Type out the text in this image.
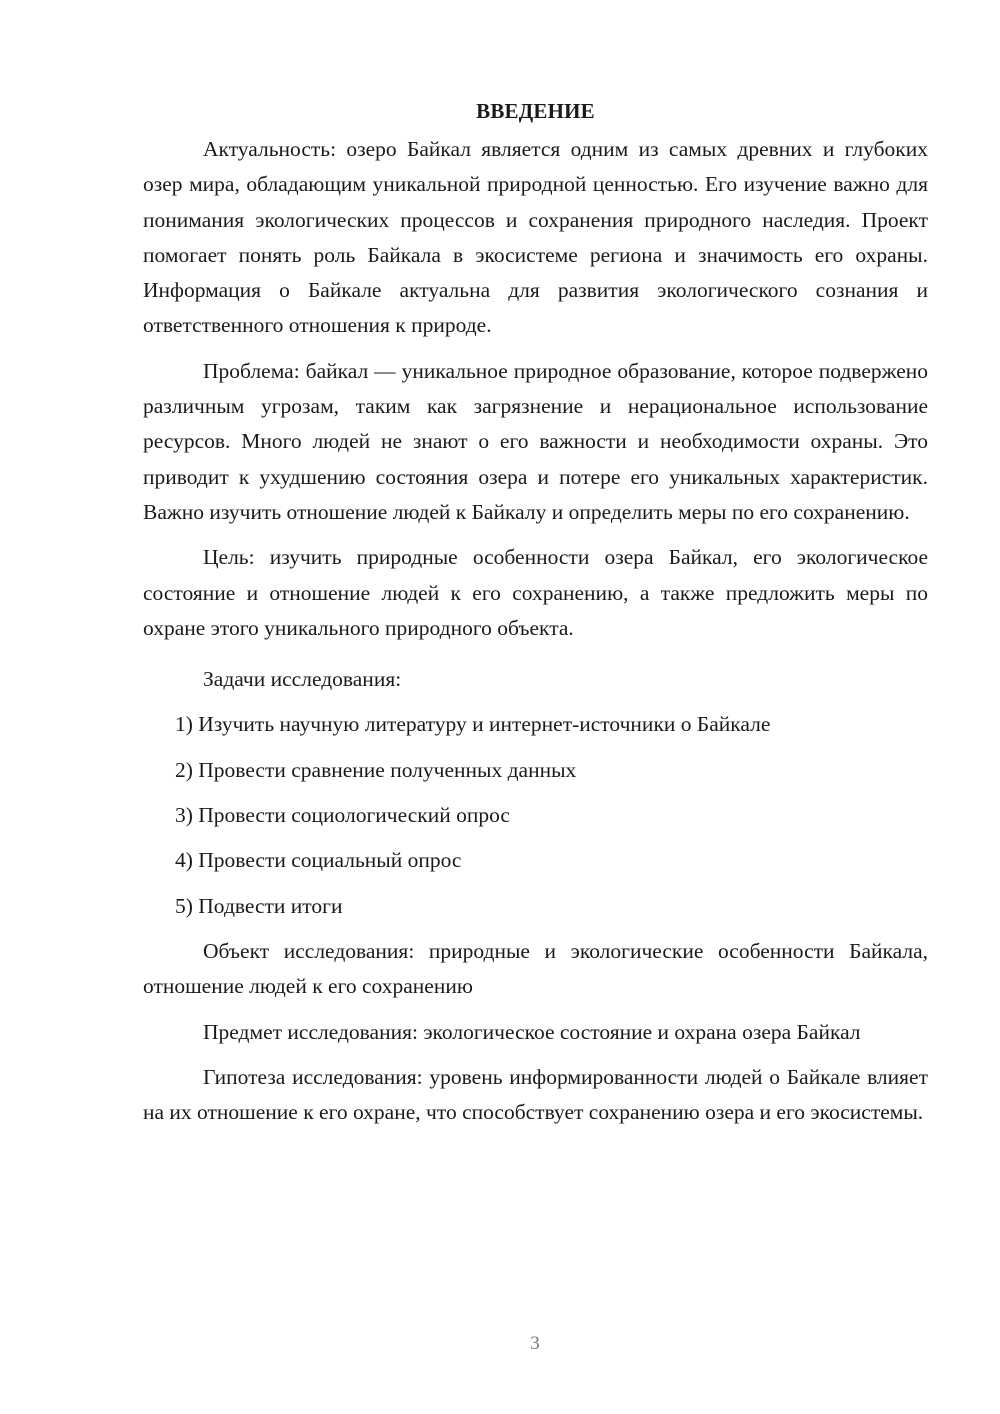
ВВЕДЕНИЕ

Актуальность: озеро Байкал является одним из самых древних и глубоких озер мира, обладающим уникальной природной ценностью. Его изучение важно для понимания экологических процессов и сохранения природного наследия. Проект помогает понять роль Байкала в экосистеме региона и значимость его охраны. Информация о Байкале актуальна для развития экологического сознания и ответственного отношения к природе.

Проблема: байкал — уникальное природное образование, которое подвержено различным угрозам, таким как загрязнение и нерациональное использование ресурсов. Много людей не знают о его важности и необходимости охраны. Это приводит к ухудшению состояния озера и потере его уникальных характеристик. Важно изучить отношение людей к Байкалу и определить меры по его сохранению.

Цель: изучить природные особенности озера Байкал, его экологическое состояние и отношение людей к его сохранению, а также предложить меры по охране этого уникального природного объекта.

Задачи исследования:

1) Изучить научную литературу и интернет-источники о Байкале
2) Провести сравнение полученных данных
3) Провести социологический опрос
4) Провести социальный опрос
5) Подвести итоги

Объект исследования: природные и экологические особенности Байкала, отношение людей к его сохранению

Предмет исследования: экологическое состояние и охрана озера Байкал

Гипотеза исследования: уровень информированности людей о Байкале влияет на их отношение к его охране, что способствует сохранению озера и его экосистемы.

3
